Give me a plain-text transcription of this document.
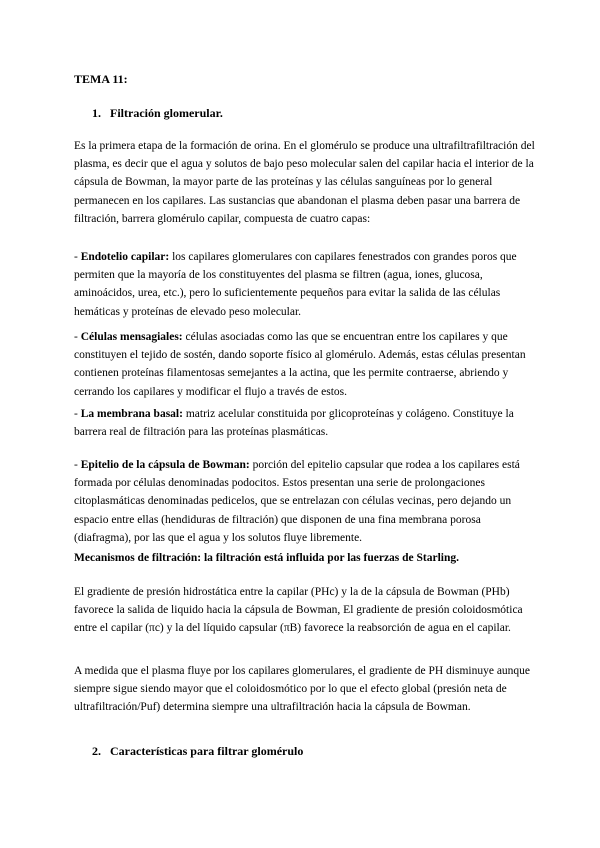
TEMA 11:

1. Filtración glomerular.

Es la primera etapa de la formación de orina. En el glomérulo se produce una ultrafiltrafiltración del plasma, es decir que el agua y solutos de bajo peso molecular salen del capilar hacia el interior de la cápsula de Bowman, la mayor parte de las proteínas y las células sanguíneas por lo general permanecen en los capilares. Las sustancias que abandonan el plasma deben pasar una barrera de filtración, barrera glomérulo capilar, compuesta de cuatro capas:

- Endotelio capilar: los capilares glomerulares con capilares fenestrados con grandes poros que permiten que la mayoría de los constituyentes del plasma se filtren (agua, iones, glucosa, aminoácidos, urea, etc.), pero lo suficientemente pequeños para evitar la salida de las células hemáticas y proteínas de elevado peso molecular.

- Células mensagiales: células asociadas como las que se encuentran entre los capilares y que constituyen el tejido de sostén, dando soporte físico al glomérulo. Además, estas células presentan contienen proteínas filamentosas semejantes a la actina, que les permite contraerse, abriendo y cerrando los capilares y modificar el flujo a través de estos.

- La membrana basal: matriz acelular constituida por glicoproteínas y colágeno. Constituye la barrera real de filtración para las proteínas plasmáticas.

- Epitelio de la cápsula de Bowman: porción del epitelio capsular que rodea a los capilares está formada por células denominadas podocitos. Estos presentan una serie de prolongaciones citoplasmáticas denominadas pedicelos, que se entrelazan con células vecinas, pero dejando un espacio entre ellas (hendiduras de filtración) que disponen de una fina membrana porosa (diafragma), por las que el agua y los solutos fluye libremente.

Mecanismos de filtración: la filtración está influida por las fuerzas de Starling.

El gradiente de presión hidrostática entre la capilar (PHc) y la de la cápsula de Bowman (PHb) favorece la salida de liquido hacia la cápsula de Bowman, El gradiente de presión coloidosmótica entre el capilar (πc) y la del líquido capsular (πB) favorece la reabsorción de agua en el capilar.

A medida que el plasma fluye por los capilares glomerulares, el gradiente de PH disminuye aunque siempre sigue siendo mayor que el coloidosmótico por lo que el efecto global (presión neta de ultrafiltración/Puf) determina siempre una ultrafiltración hacia la cápsula de Bowman.

2. Características para filtrar glomérulo
